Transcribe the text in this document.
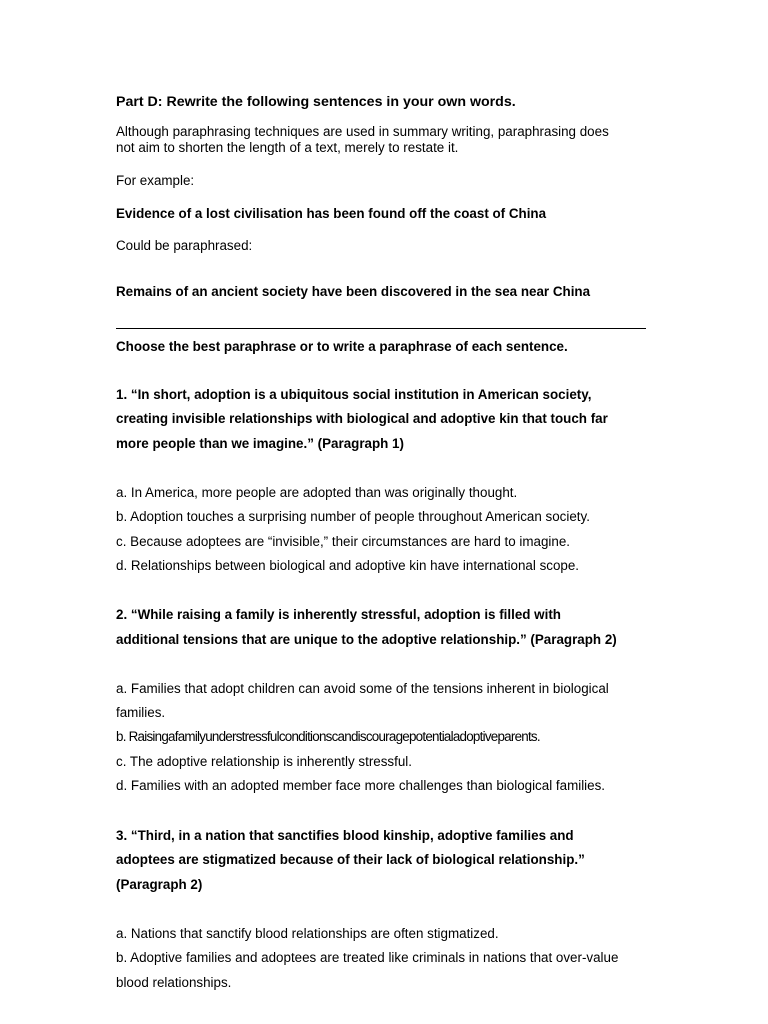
Part D: Rewrite the following sentences in your own words.

Although paraphrasing techniques are used in summary writing, paraphrasing does

not aim to shorten the length of a text, merely to restate it.

For example:

Evidence of a lost civilisation has been found off the coast of China

Could be paraphrased:

Remains of an ancient society have been discovered in the sea near China

Choose the best paraphrase or to write a paraphrase of each sentence.

1. “In short, adoption is a ubiquitous social institution in American society,

creating invisible relationships with biological and adoptive kin that touch far

more people than we imagine.” (Paragraph 1)

a. In America, more people are adopted than was originally thought.

b. Adoption touches a surprising number of people throughout American society.

c. Because adoptees are “invisible,” their circumstances are hard to imagine.

d. Relationships between biological and adoptive kin have international scope.

2. “While raising a family is inherently stressful, adoption is filled with

additional tensions that are unique to the adoptive relationship.” (Paragraph 2)

a. Families that adopt children can avoid some of the tensions inherent in biological

families.

b. Raisingafamilyunderstressfulconditionscandiscouragepotentialadoptiveparents.

c. The adoptive relationship is inherently stressful.

d. Families with an adopted member face more challenges than biological families.

3. “Third, in a nation that sanctifies blood kinship, adoptive families and

adoptees are stigmatized because of their lack of biological relationship.”

(Paragraph 2)

a. Nations that sanctify blood relationships are often stigmatized.

b. Adoptive families and adoptees are treated like criminals in nations that over-value

blood relationships.
